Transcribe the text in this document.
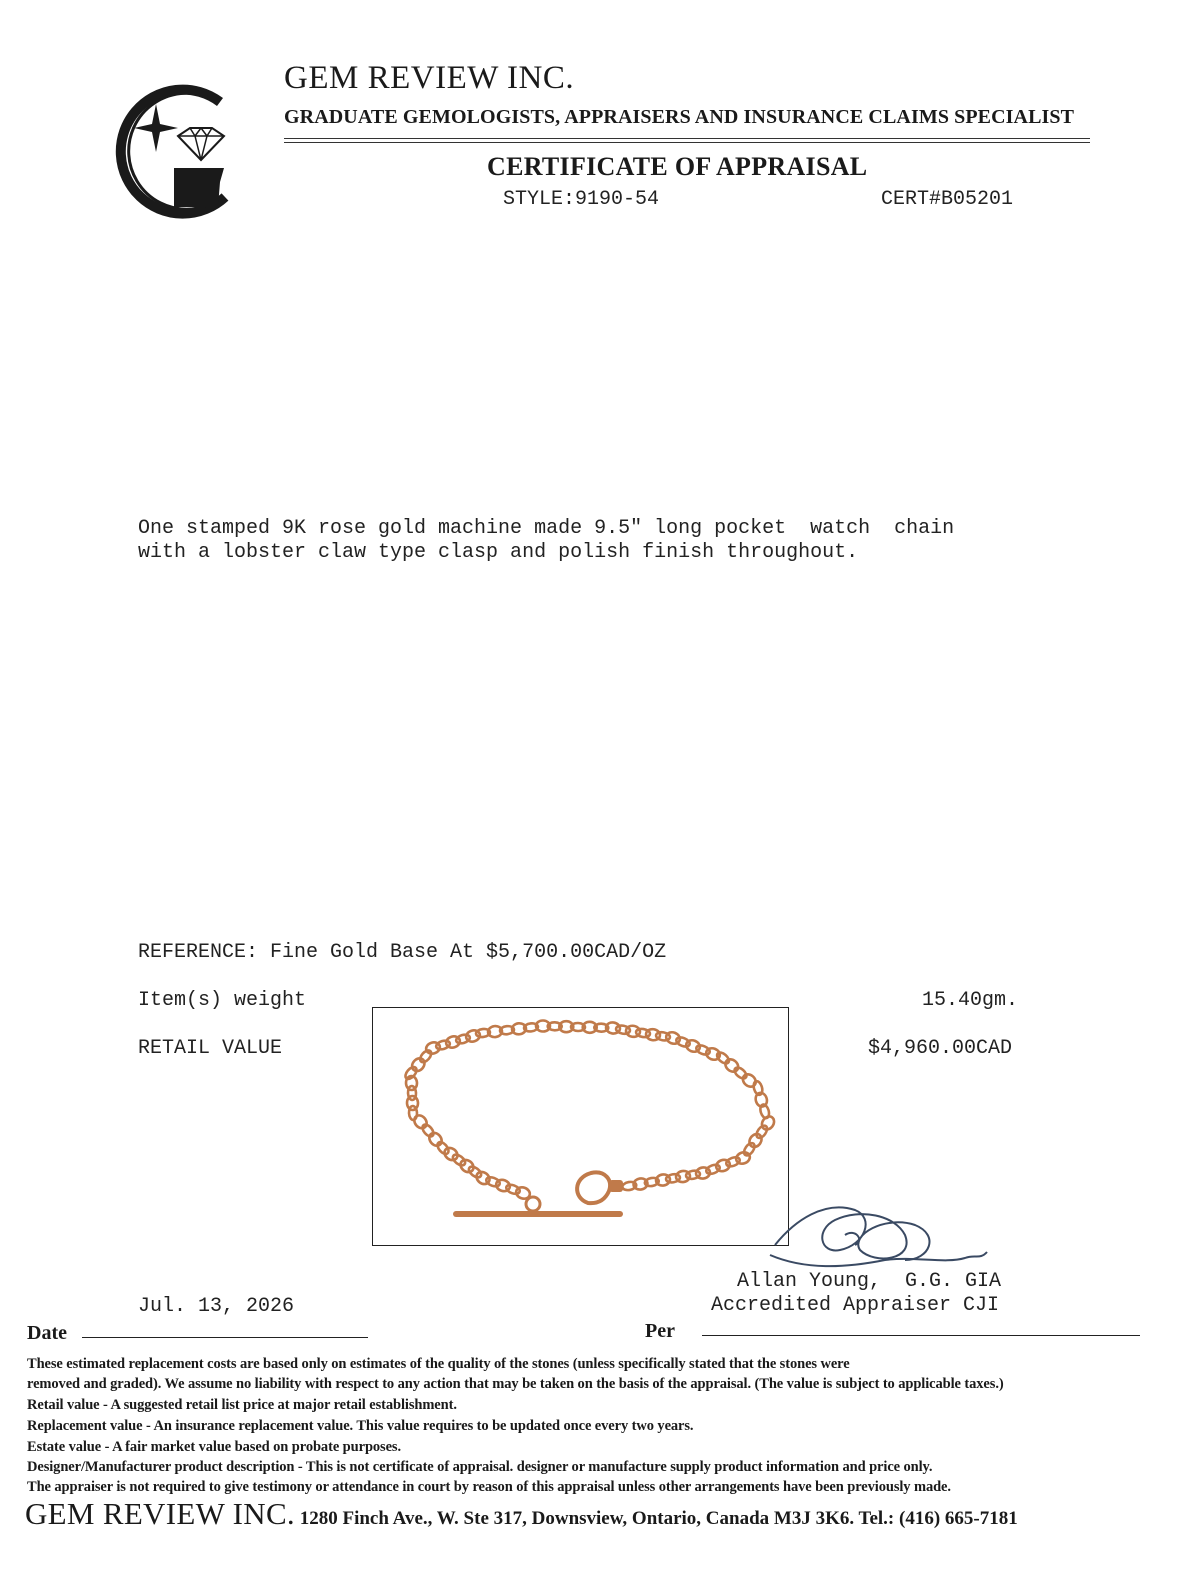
GEM REVIEW INC.
GRADUATE GEMOLOGISTS, APPRAISERS AND INSURANCE CLAIMS SPECIALIST
CERTIFICATE OF APPRAISAL
STYLE:9190-54	CERT#B05201
One stamped 9K rose gold machine made 9.5" long pocket  watch  chain
with a lobster claw type clasp and polish finish throughout.
REFERENCE: Fine Gold Base At $5,700.00CAD/OZ
Item(s) weight	15.40gm.
RETAIL VALUE	$4,960.00CAD
Allan Young,  G.G. GIA
Accredited Appraiser CJI
Jul. 13, 2026
Date	Per
These estimated replacement costs are based only on estimates of the quality of the stones (unless specifically stated that the stones were
removed and graded). We assume no liability with respect to any action that may be taken on the basis of the appraisal. (The value is subject to applicable taxes.)
Retail value - A suggested retail list price at major retail establishment.
Replacement value - An insurance replacement value. This value requires to be updated once every two years.
Estate value - A fair market value based on probate purposes.
Designer/Manufacturer product description - This is not certificate of appraisal. designer or manufacture supply product information and price only.
The appraiser is not required to give testimony or attendance in court by reason of this appraisal unless other arrangements have been previously made.
GEM REVIEW INC. 1280 Finch Ave., W. Ste 317, Downsview, Ontario, Canada M3J 3K6. Tel.: (416) 665-7181
